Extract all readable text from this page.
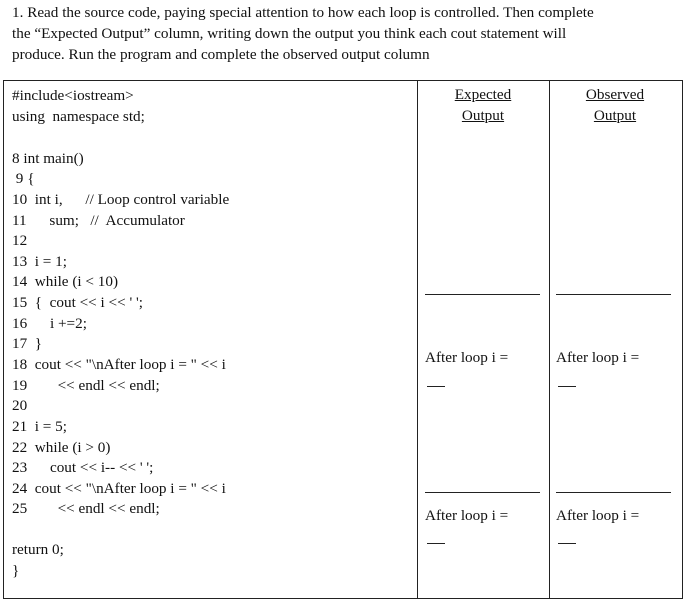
1. Read the source code, paying special attention to how each loop is controlled. Then complete
the “Expected Output” column, writing down the output you think each cout statement will
produce. Run the program and complete the observed output column
#include<iostream>
using  namespace std;
8 int main()
9 {
10  int i,      // Loop control variable
11      sum;   //  Accumulator
12
13  i = 1;
14  while (i < 10)
15  {  cout << i << ' ';
16      i +=2;
17  }
18  cout << "\nAfter loop i = " << i
19        << endl << endl;
20
21  i = 5;
22  while (i > 0)
23      cout << i-- << ' ';
24  cout << "\nAfter loop i = " << i
25        << endl << endl;
return 0;
}
Expected
Output
Observed
Output
After loop i =	After loop i =
After loop i =	After loop i =
